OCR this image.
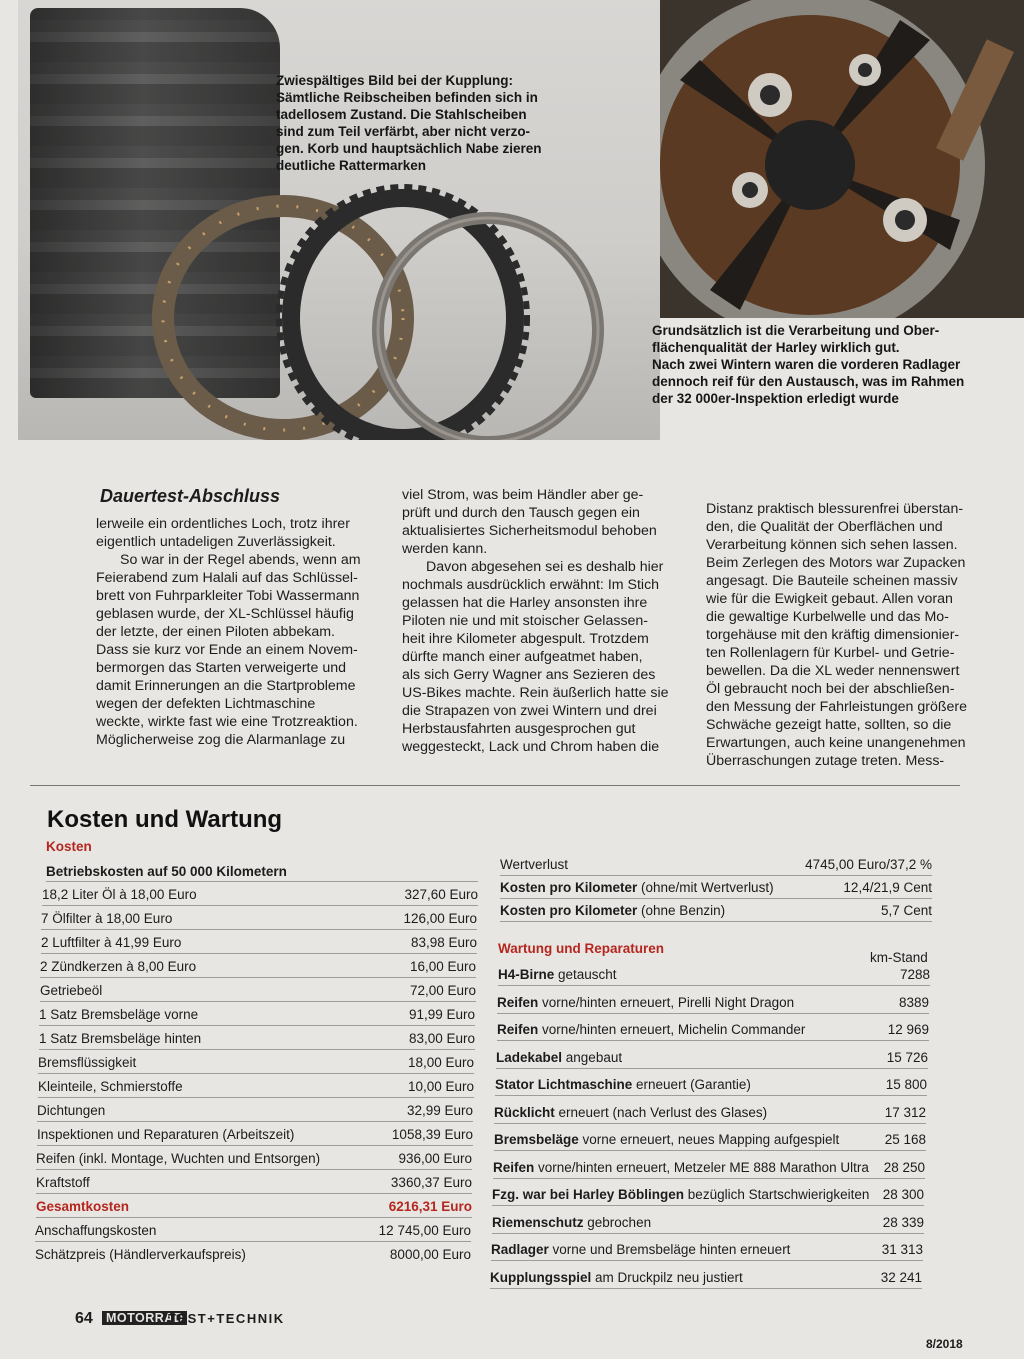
Zwiespältiges Bild bei der Kupplung:

Sämtliche Reibscheiben befinden sich in

tadellosem Zustand. Die Stahlscheiben

sind zum Teil verfärbt, aber nicht verzo-

gen. Korb und hauptsächlich Nabe zieren

deutliche Rattermarken

Grundsätzlich ist die Verarbeitung und Ober-

flächenqualität der Harley wirklich gut.

Nach zwei Wintern waren die vorderen Radlager

dennoch reif für den Austausch, was im Rahmen

der 32 000er-Inspektion erledigt wurde

Dauertest-Abschluss

lerweile ein ordentliches Loch, trotz ihrer

eigentlich untadeligen Zuverlässigkeit.

So war in der Regel abends, wenn am

Feierabend zum Halali auf das Schlüssel-

brett von Fuhrparkleiter Tobi Wassermann

geblasen wurde, der XL-Schlüssel häufig

der letzte, der einen Piloten abbekam.

Dass sie kurz vor Ende an einem Novem-

bermorgen das Starten verweigerte und

damit Erinnerungen an die Startprobleme

wegen der defekten Lichtmaschine

weckte, wirkte fast wie eine Trotzreaktion.

Möglicherweise zog die Alarmanlage zu

viel Strom, was beim Händler aber ge-

prüft und durch den Tausch gegen ein

aktualisiertes Sicherheitsmodul behoben

werden kann.

Davon abgesehen sei es deshalb hier

nochmals ausdrücklich erwähnt: Im Stich

gelassen hat die Harley ansonsten ihre

Piloten nie und mit stoischer Gelassen-

heit ihre Kilometer abgespult. Trotzdem

dürfte manch einer aufgeatmet haben,

als sich Gerry Wagner ans Sezieren des

US-Bikes machte. Rein äußerlich hatte sie

die Strapazen von zwei Wintern und drei

Herbstausfahrten ausgesprochen gut

weggesteckt, Lack und Chrom haben die

Distanz praktisch blessurenfrei überstan-

den, die Qualität der Oberflächen und

Verarbeitung können sich sehen lassen.

Beim Zerlegen des Motors war Zupacken

angesagt. Die Bauteile scheinen massiv

wie für die Ewigkeit gebaut. Allen voran

die gewaltige Kurbelwelle und das Mo-

torgehäuse mit den kräftig dimensionier-

ten Rollenlagern für Kurbel- und Getrie-

bewellen. Da die XL weder nennenswert

Öl gebraucht noch bei der abschließen-

den Messung der Fahrleistungen größere

Schwäche gezeigt hatte, sollten, so die

Erwartungen, auch keine unangenehmen

Überraschungen zutage treten. Mess-

Kosten und Wartung
Kosten
Betriebskosten auf 50 000 Kilometern
18,2 Liter Öl à 18,00 Euro	327,60 Euro
7 Ölfilter à 18,00 Euro	126,00 Euro
2 Luftfilter à 41,99 Euro	83,98 Euro
2 Zündkerzen à 8,00 Euro	16,00 Euro
Getriebeöl	72,00 Euro
1 Satz Bremsbeläge vorne	91,99 Euro
1 Satz Bremsbeläge hinten	83,00 Euro
Bremsflüssigkeit	18,00 Euro
Kleinteile, Schmierstoffe	10,00 Euro
Dichtungen	32,99 Euro
Inspektionen und Reparaturen (Arbeitszeit)	1058,39 Euro
Reifen (inkl. Montage, Wuchten und Entsorgen)	936,00 Euro
Kraftstoff	3360,37 Euro
Gesamtkosten	6216,31 Euro
Anschaffungskosten	12 745,00 Euro
Schätzpreis (Händlerverkaufspreis)	8000,00 Euro
Wertverlust	4745,00 Euro/37,2 %
Kosten pro Kilometer (ohne/mit Wertverlust)	12,4/21,9 Cent
Kosten pro Kilometer (ohne Benzin)	5,7 Cent
Wartung und Reparaturen
km-Stand
H4-Birne getauscht	7288
Reifen vorne/hinten erneuert, Pirelli Night Dragon	8389
Reifen vorne/hinten erneuert, Michelin Commander	12 969
Ladekabel angebaut	15 726
Stator Lichtmaschine erneuert (Garantie)	15 800
Rücklicht erneuert (nach Verlust des Glases)	17 312
Bremsbeläge vorne erneuert, neues Mapping aufgespielt	25 168
Reifen vorne/hinten erneuert, Metzeler ME 888 Marathon Ultra 28 250
Fzg. war bei Harley Böblingen bezüglich Startschwierigkeiten 28 300
Riemenschutz gebrochen	28 339
Radlager vorne und Bremsbeläge hinten erneuert	31 313
Kupplungsspiel am Druckpilz neu justiert	32 241
64	MOTORRAD
TEST+TECHNIK
8/2018
